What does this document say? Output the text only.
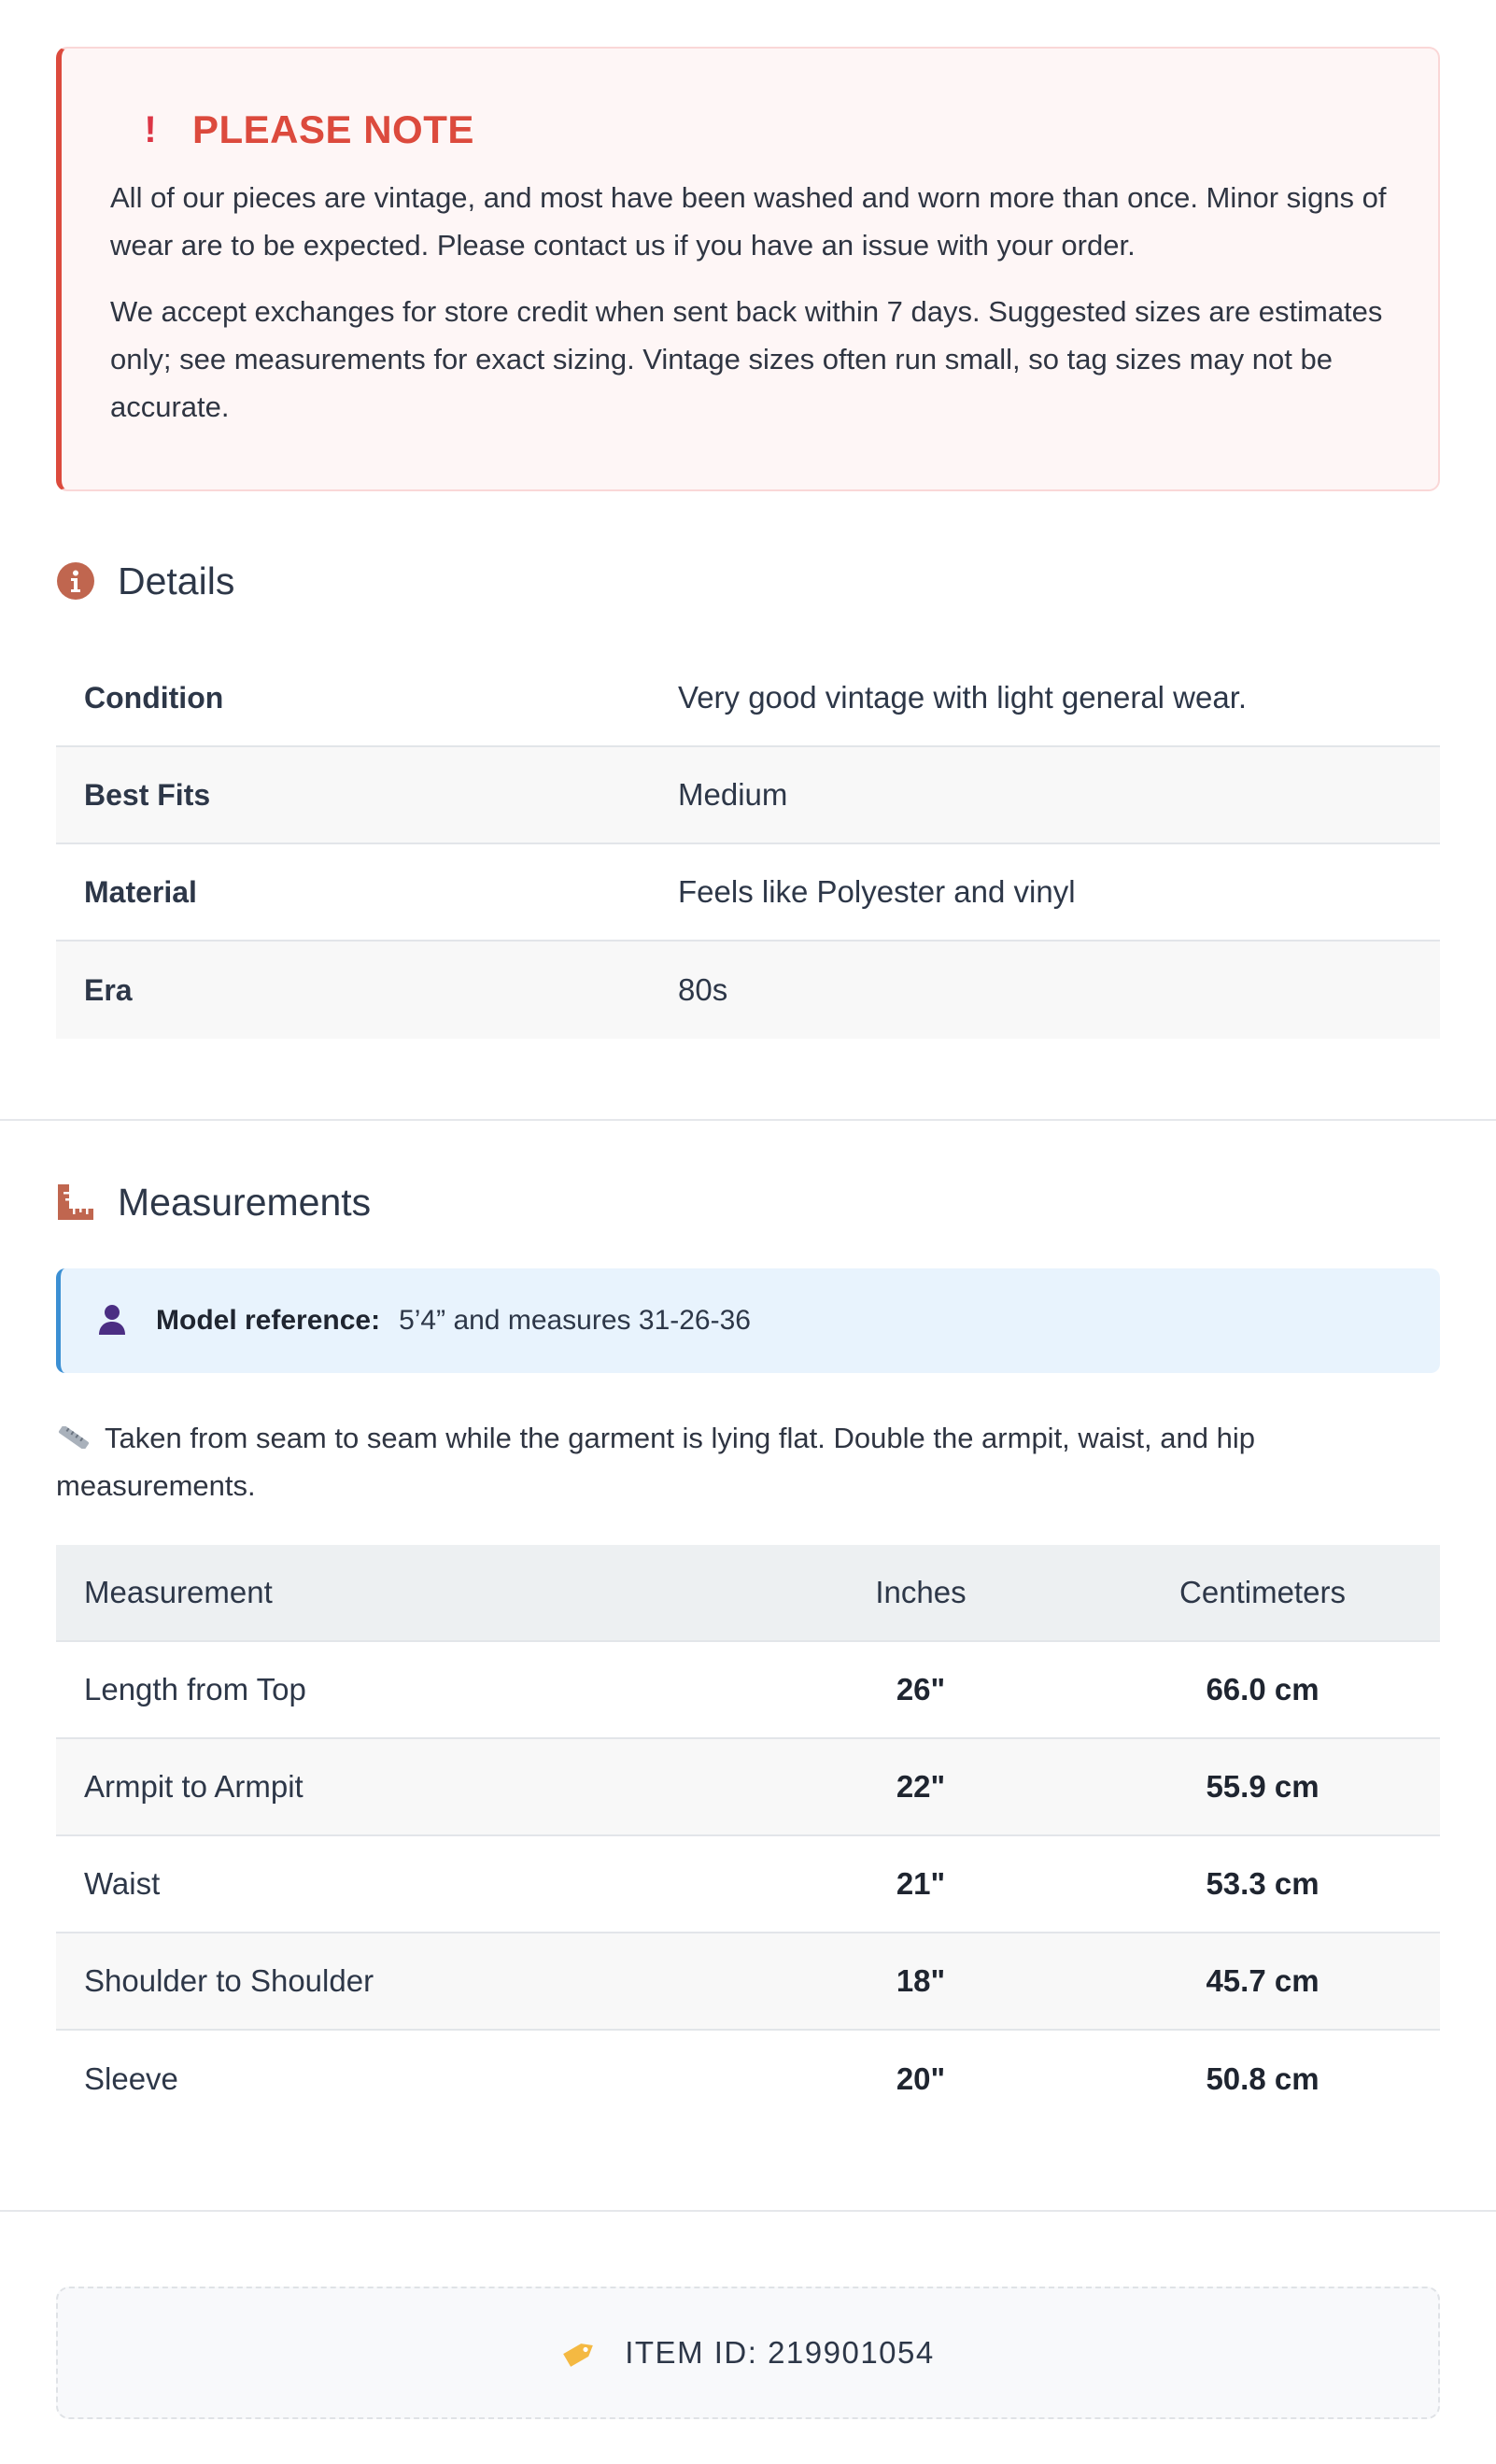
! PLEASE NOTE

All of our pieces are vintage, and most have been washed and worn more than once. Minor signs of wear are to be expected. Please contact us if you have an issue with your order.

We accept exchanges for store credit when sent back within 7 days. Suggested sizes are estimates only; see measurements for exact sizing. Vintage sizes often run small, so tag sizes may not be accurate.

Details
Condition	Very good vintage with light general wear.
Best Fits	Medium
Material	Feels like Polyester and vinyl
Era	80s
Measurements
Model reference: 5’4” and measures 31-26-36
Taken from seam to seam while the garment is lying flat. Double the armpit, waist, and hip measurements.
Measurement	Inches	Centimeters
Length from Top	26"	66.0 cm
Armpit to Armpit	22"	55.9 cm
Waist	21"	53.3 cm
Shoulder to Shoulder	18"	45.7 cm
Sleeve	20"	50.8 cm
ITEM ID: 219901054
